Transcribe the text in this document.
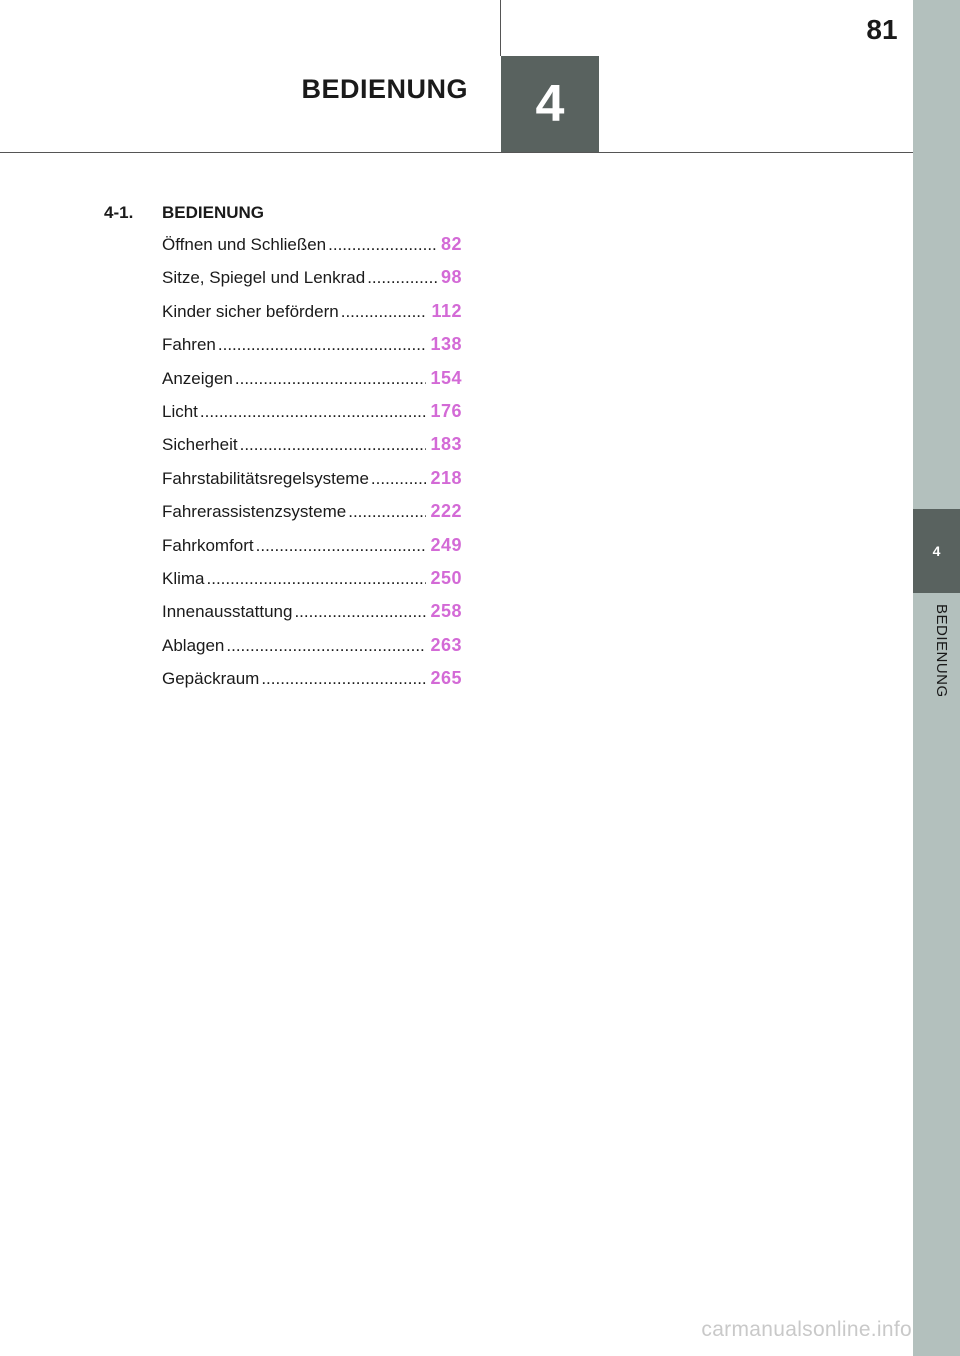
81
BEDIENUNG	4
4
BEDIENUNG
4-1.	BEDIENUNG
Öffnen und Schließen .....	82
Sitze, Spiegel und Lenkrad .....	98
Kinder sicher befördern .....	112
Fahren .....	138
Anzeigen .....	154
Licht .....	176
Sicherheit .....	183
Fahrstabilitätsregelsysteme .....	218
Fahrerassistenzsysteme .....	222
Fahrkomfort .....	249
Klima .....	250
Innenausstattung .....	258
Ablagen .....	263
Gepäckraum .....	265
carmanualsonline.info
